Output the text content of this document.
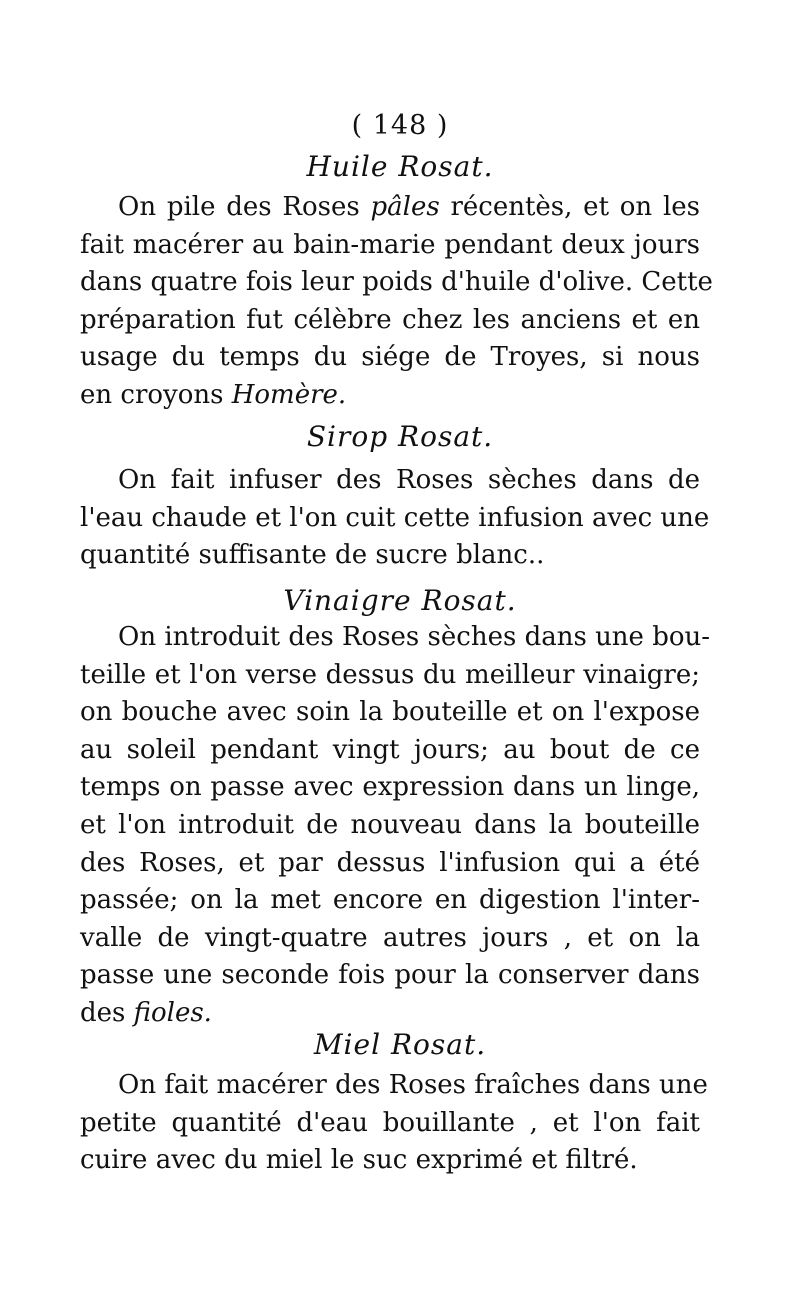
( 148 )
Huile Rosat.
On pile des Roses pâles récentès, et on les
fait macérer au bain-marie pendant deux jours
dans quatre fois leur poids d'huile d'olive. Cette
préparation fut célèbre chez les anciens et en
usage du temps du siége de Troyes, si nous
en croyons Homère.
Sirop Rosat.
On fait infuser des Roses sèches dans de
l'eau chaude et l'on cuit cette infusion avec une
quantité suffisante de sucre blanc..
Vinaigre Rosat.
On introduit des Roses sèches dans une bou-
teille et l'on verse dessus du meilleur vinaigre;
on bouche avec soin la bouteille et on l'expose
au soleil pendant vingt jours; au bout de ce
temps on passe avec expression dans un linge,
et l'on introduit de nouveau dans la bouteille
des Roses, et par dessus l'infusion qui a été
passée; on la met encore en digestion l'inter-
valle de vingt-quatre autres jours , et on la
passe une seconde fois pour la conserver dans
des fioles.
Miel Rosat.
On fait macérer des Roses fraîches dans une
petite quantité d'eau bouillante , et l'on fait
cuire avec du miel le suc exprimé et filtré.
